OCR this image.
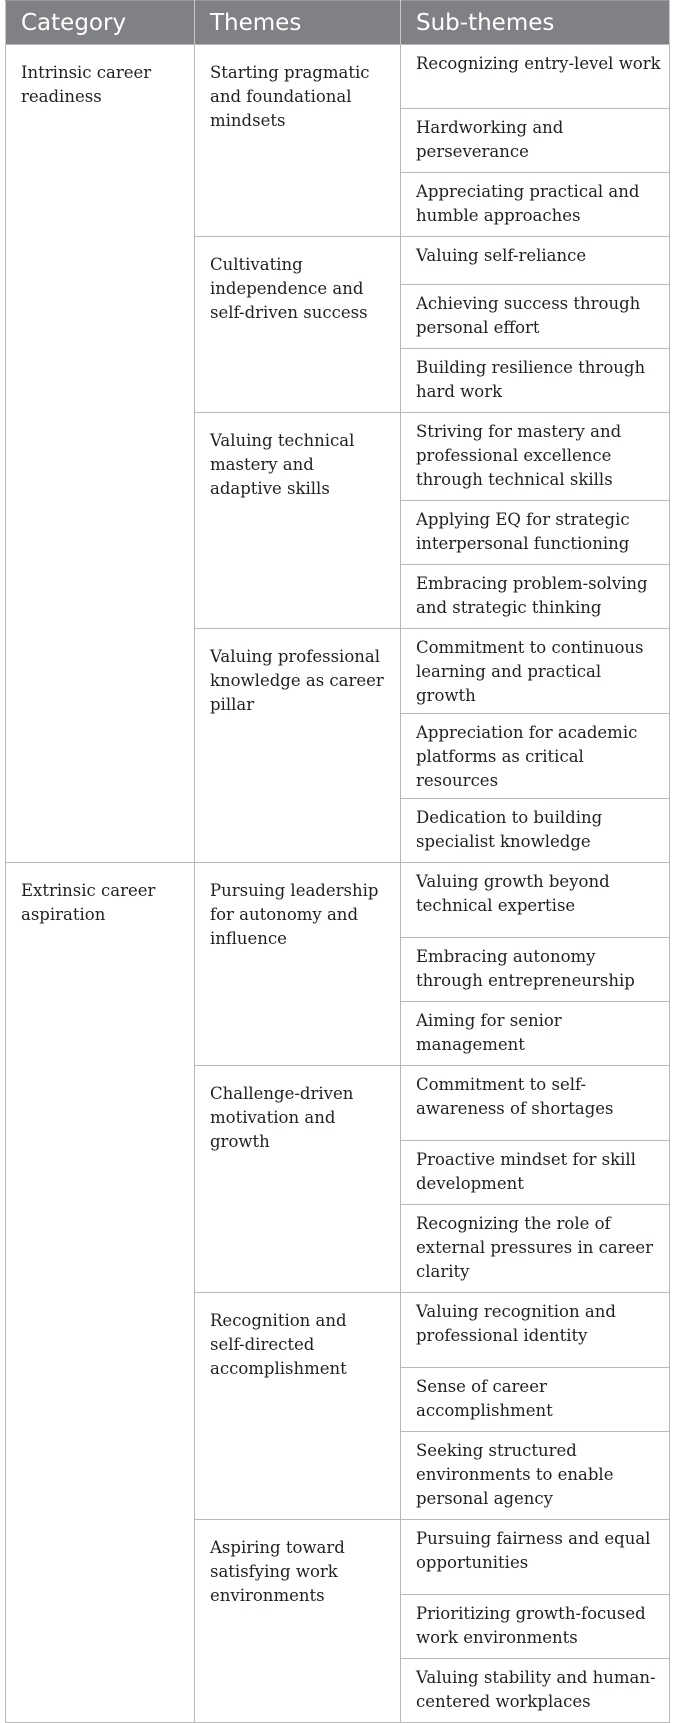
Category	Themes	Sub-themes
Intrinsic career readiness	Starting pragmatic and foundational mindsets	Recognizing entry-level work
		Hardworking and perseverance
		Appreciating practical and humble approaches
	Cultivating independence and self-driven success	Valuing self-reliance
		Achieving success through personal effort
		Building resilience through hard work
	Valuing technical mastery and adaptive skills	Striving for mastery and professional excellence through technical skills
		Applying EQ for strategic interpersonal functioning
		Embracing problem-solving and strategic thinking
	Valuing professional knowledge as career pillar	Commitment to continuous learning and practical growth
		Appreciation for academic platforms as critical resources
		Dedication to building specialist knowledge
Extrinsic career aspiration	Pursuing leadership for autonomy and influence	Valuing growth beyond technical expertise
		Embracing autonomy through entrepreneurship
		Aiming for senior management
	Challenge-driven motivation and growth	Commitment to self-awareness of shortages
		Proactive mindset for skill development
		Recognizing the role of external pressures in career clarity
	Recognition and self-directed accomplishment	Valuing recognition and professional identity
		Sense of career accomplishment
		Seeking structured environments to enable personal agency
	Aspiring toward satisfying work environments	Pursuing fairness and equal opportunities
		Prioritizing growth-focused work environments
		Valuing stability and human-centered workplaces
